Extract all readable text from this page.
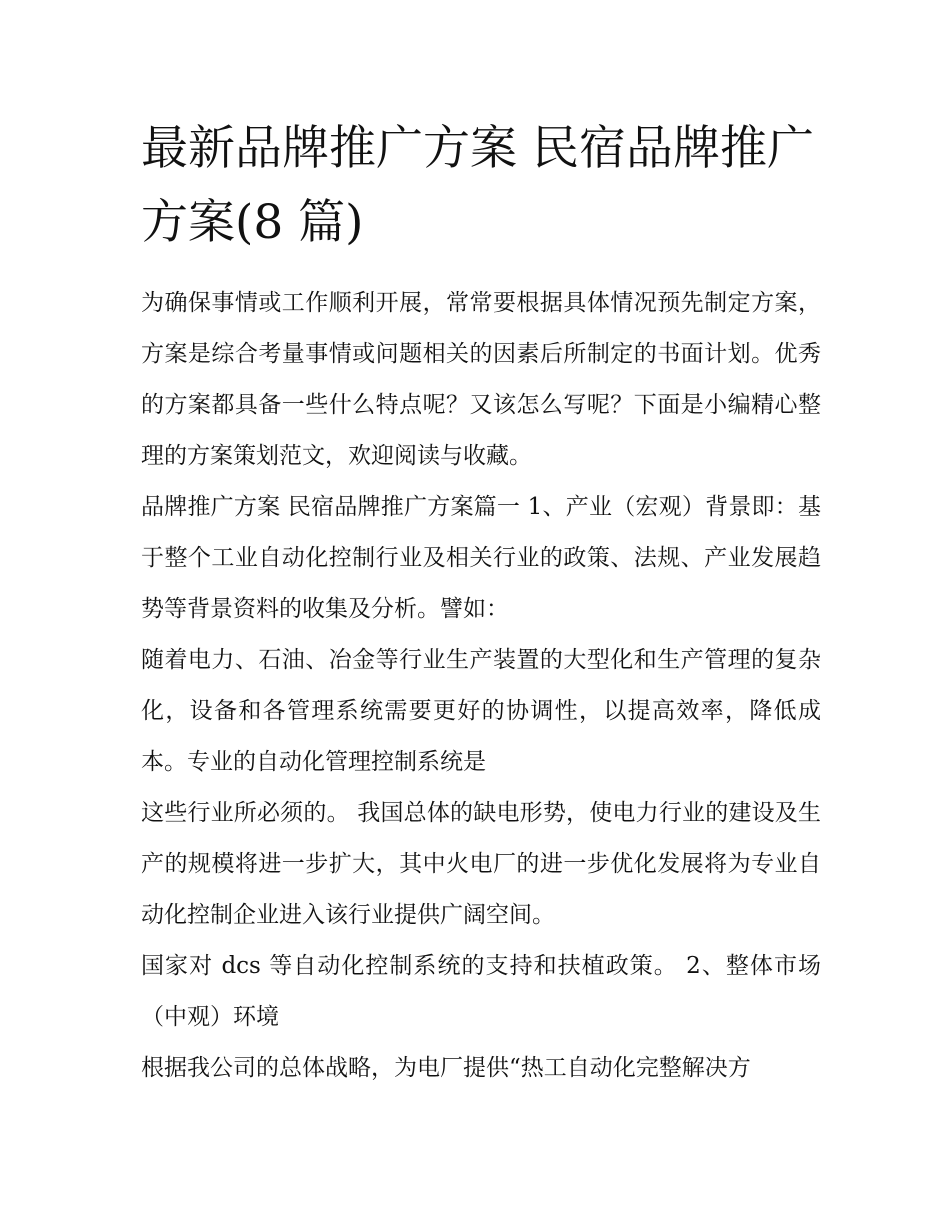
最新品牌推广方案 民宿品牌推广方案(8 篇)

为确保事情或工作顺利开展，常常要根据具体情况预先制定方案，方案是综合考量事情或问题相关的因素后所制定的书面计划。优秀的方案都具备一些什么特点呢？又该怎么写呢？下面是小编精心整理的方案策划范文，欢迎阅读与收藏。

品牌推广方案 民宿品牌推广方案篇一 1、产业（宏观）背景即：基于整个工业自动化控制行业及相关行业的政策、法规、产业发展趋势等背景资料的收集及分析。譬如：

随着电力、石油、冶金等行业生产装置的大型化和生产管理的复杂化，设备和各管理系统需要更好的协调性，以提高效率，降低成本。专业的自动化管理控制系统是

这些行业所必须的。 我国总体的缺电形势，使电力行业的建设及生产的规模将进一步扩大，其中火电厂的进一步优化发展将为专业自动化控制企业进入该行业提供广阔空间。

国家对 dcs 等自动化控制系统的支持和扶植政策。 2、整体市场（中观）环境

根据我公司的总体战略，为电厂提供“热工自动化完整解决方
